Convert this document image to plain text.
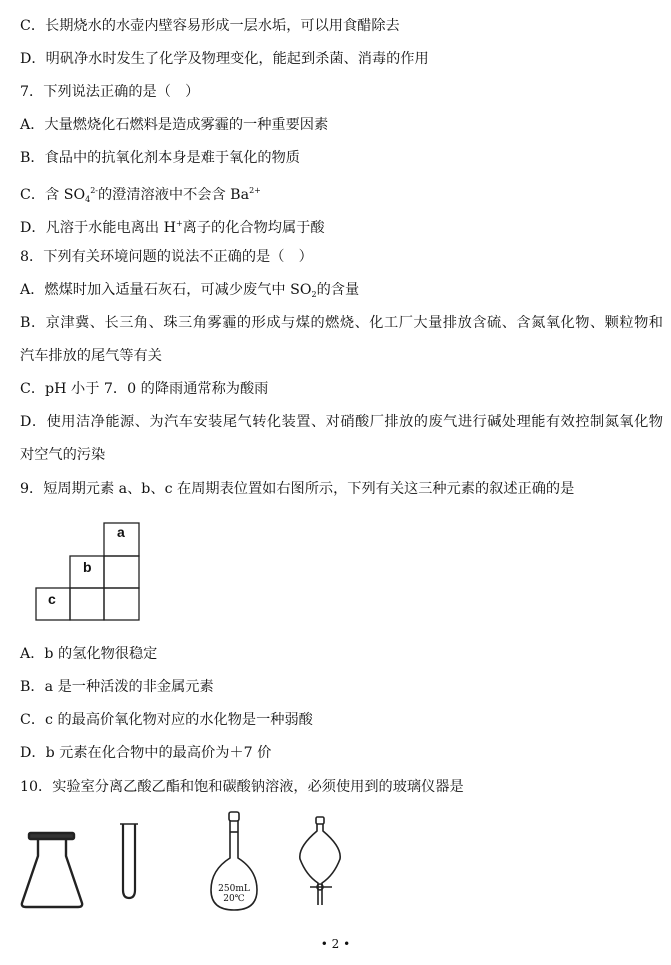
C．长期烧水的水壶内壁容易形成一层水垢，可以用食醋除去
D．明矾净水时发生了化学及物理变化，能起到杀菌、消毒的作用
7．下列说法正确的是（　）
A．大量燃烧化石燃料是造成雾霾的一种重要因素
B．食品中的抗氧化剂本身是难于氧化的物质
C．含 $SO_4^{2-}$的澄清溶液中不会含 $Ba^{2+}$
D．凡溶于水能电离出 H+离子的化合物均属于酸
8．下列有关环境问题的说法不正确的是（　）
A．燃煤时加入适量石灰石，可减少废气中 $SO_2$的含量
B．京津冀、长三角、珠三角雾霾的形成与煤的燃烧、化工厂大量排放含硫、含氮氧化物、颗粒物和
汽车排放的尾气等有关
C．pH 小于 7．0 的降雨通常称为酸雨
D．使用洁净能源、为汽车安装尾气转化装置、对硝酸厂排放的废气进行碱处理能有效控制氮氧化物
对空气的污染
9．短周期元素 a、b、c 在周期表位置如右图所示，下列有关这三种元素的叙述正确的是
a
b
c
A．b 的氢化物很稳定
B．a 是一种活泼的非金属元素
C．c 的最高价氧化物对应的水化物是一种弱酸
D．b 元素在化合物中的最高价为＋7 价
10．实验室分离乙酸乙酯和饱和碳酸钠溶液，必须使用到的玻璃仪器是
250mL
20℃
• 2 •
